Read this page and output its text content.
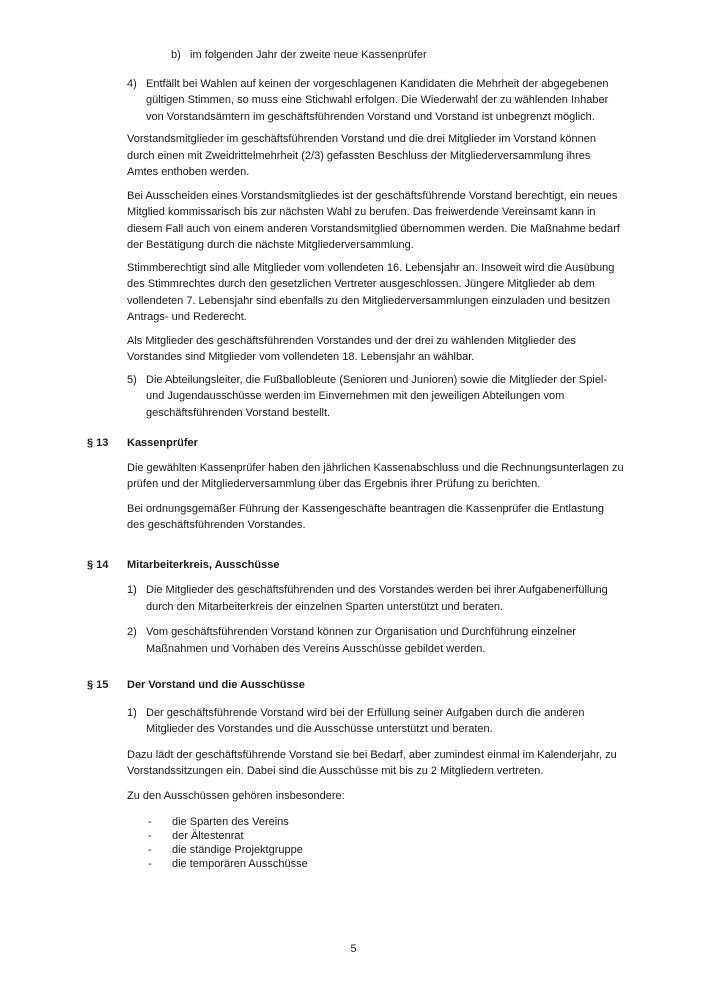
b) im folgenden Jahr der zweite neue Kassenprüfer
4) Entfällt bei Wahlen auf keinen der vorgeschlagenen Kandidaten die Mehrheit der abgegebenen gültigen Stimmen, so muss eine Stichwahl erfolgen. Die Wiederwahl der zu wählenden Inhaber von Vorstandsämtern im geschäftsführenden Vorstand und Vorstand ist unbegrenzt möglich.

Vorstandsmitglieder im geschäftsführenden Vorstand und die drei Mitglieder im Vorstand können durch einen mit Zweidrittelmehrheit (2/3) gefassten Beschluss der Mitgliederversammlung ihres Amtes enthoben werden.

Bei Ausscheiden eines Vorstandsmitgliedes ist der geschäftsführende Vorstand berechtigt, ein neues Mitglied kommissarisch bis zur nächsten Wahl zu berufen. Das freiwerdende Vereinsamt kann in diesem Fall auch von einem anderen Vorstandsmitglied übernommen werden. Die Maßnahme bedarf der Bestätigung durch die nächste Mitgliederversammlung.

Stimmberechtigt sind alle Mitglieder vom vollendeten 16. Lebensjahr an. Insoweit wird die Ausübung des Stimmrechtes durch den gesetzlichen Vertreter ausgeschlossen. Jüngere Mitglieder ab dem vollendeten 7. Lebensjahr sind ebenfalls zu den Mitgliederversammlungen einzuladen und besitzen Antrags- und Rederecht.

Als Mitglieder des geschäftsführenden Vorstandes und der drei zu wählenden Mitglieder des Vorstandes sind Mitglieder vom vollendeten 18. Lebensjahr an wählbar.

5) Die Abteilungsleiter, die Fußballobleute (Senioren und Junioren) sowie die Mitglieder der Spiel- und Jugendausschüsse werden im Einvernehmen mit den jeweiligen Abteilungen vom geschäftsführenden Vorstand bestellt.
§ 13	Kassenprüfer

Die gewählten Kassenprüfer haben den jährlichen Kassenabschluss und die Rechnungsunterlagen zu prüfen und der Mitgliederversammlung über das Ergebnis ihrer Prüfung zu berichten.

Bei ordnungsgemäßer Führung der Kassengeschäfte beantragen die Kassenprüfer die Entlastung des geschäftsführenden Vorstandes.

§ 14	Mitarbeiterkreis, Ausschüsse
1) Die Mitglieder des geschäftsführenden und des Vorstandes werden bei ihrer Aufgabenerfüllung durch den Mitarbeiterkreis der einzelnen Sparten unterstützt und beraten.
2) Vom geschäftsführenden Vorstand können zur Organisation und Durchführung einzelner Maßnahmen und Vorhaben des Vereins Ausschüsse gebildet werden.
§ 15	Der Vorstand und die Ausschüsse
1) Der geschäftsführende Vorstand wird bei der Erfüllung seiner Aufgaben durch die anderen Mitglieder des Vorstandes und die Ausschüsse unterstützt und beraten.

Dazu lädt der geschäftsführende Vorstand sie bei Bedarf, aber zumindest einmal im Kalenderjahr, zu Vorstandssitzungen ein. Dabei sind die Ausschüsse mit bis zu 2 Mitgliedern vertreten.

Zu den Ausschüssen gehören insbesondere:

-	die Sparten des Vereins
-	der Ältestenrat
-	die ständige Projektgruppe
-	die temporären Ausschüsse
5
